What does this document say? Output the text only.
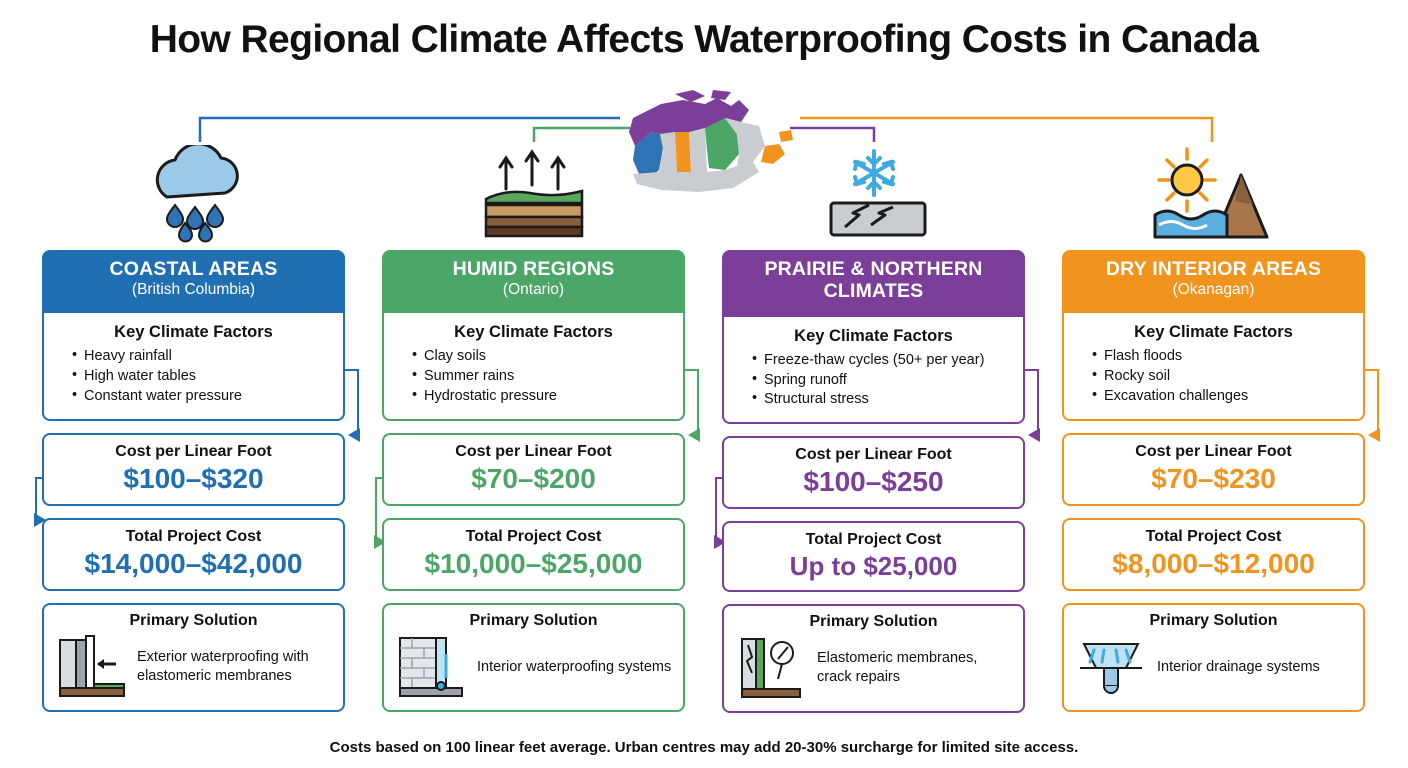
How Regional Climate Affects Waterproofing Costs in Canada
COASTAL AREAS
(British Columbia)
Key Climate Factors
• Heavy rainfall
• High water tables
• Constant water pressure
Cost per Linear Foot
$100–$320
Total Project Cost
$14,000–$42,000
Primary Solution
Exterior waterproofing with elastomeric membranes
HUMID REGIONS
(Ontario)
Key Climate Factors
• Clay soils
• Summer rains
• Hydrostatic pressure
Cost per Linear Foot
$70–$200
Total Project Cost
$10,000–$25,000
Primary Solution
Interior waterproofing systems
PRAIRIE & NORTHERN CLIMATES
Key Climate Factors
• Freeze-thaw cycles (50+ per year)
• Spring runoff
• Structural stress
Cost per Linear Foot
$100–$250
Total Project Cost
Up to $25,000
Primary Solution
Elastomeric membranes, crack repairs
DRY INTERIOR AREAS
(Okanagan)
Key Climate Factors
• Flash floods
• Rocky soil
• Excavation challenges
Cost per Linear Foot
$70–$230
Total Project Cost
$8,000–$12,000
Primary Solution
Interior drainage systems
Costs based on 100 linear feet average. Urban centres may add 20-30% surcharge for limited site access.
